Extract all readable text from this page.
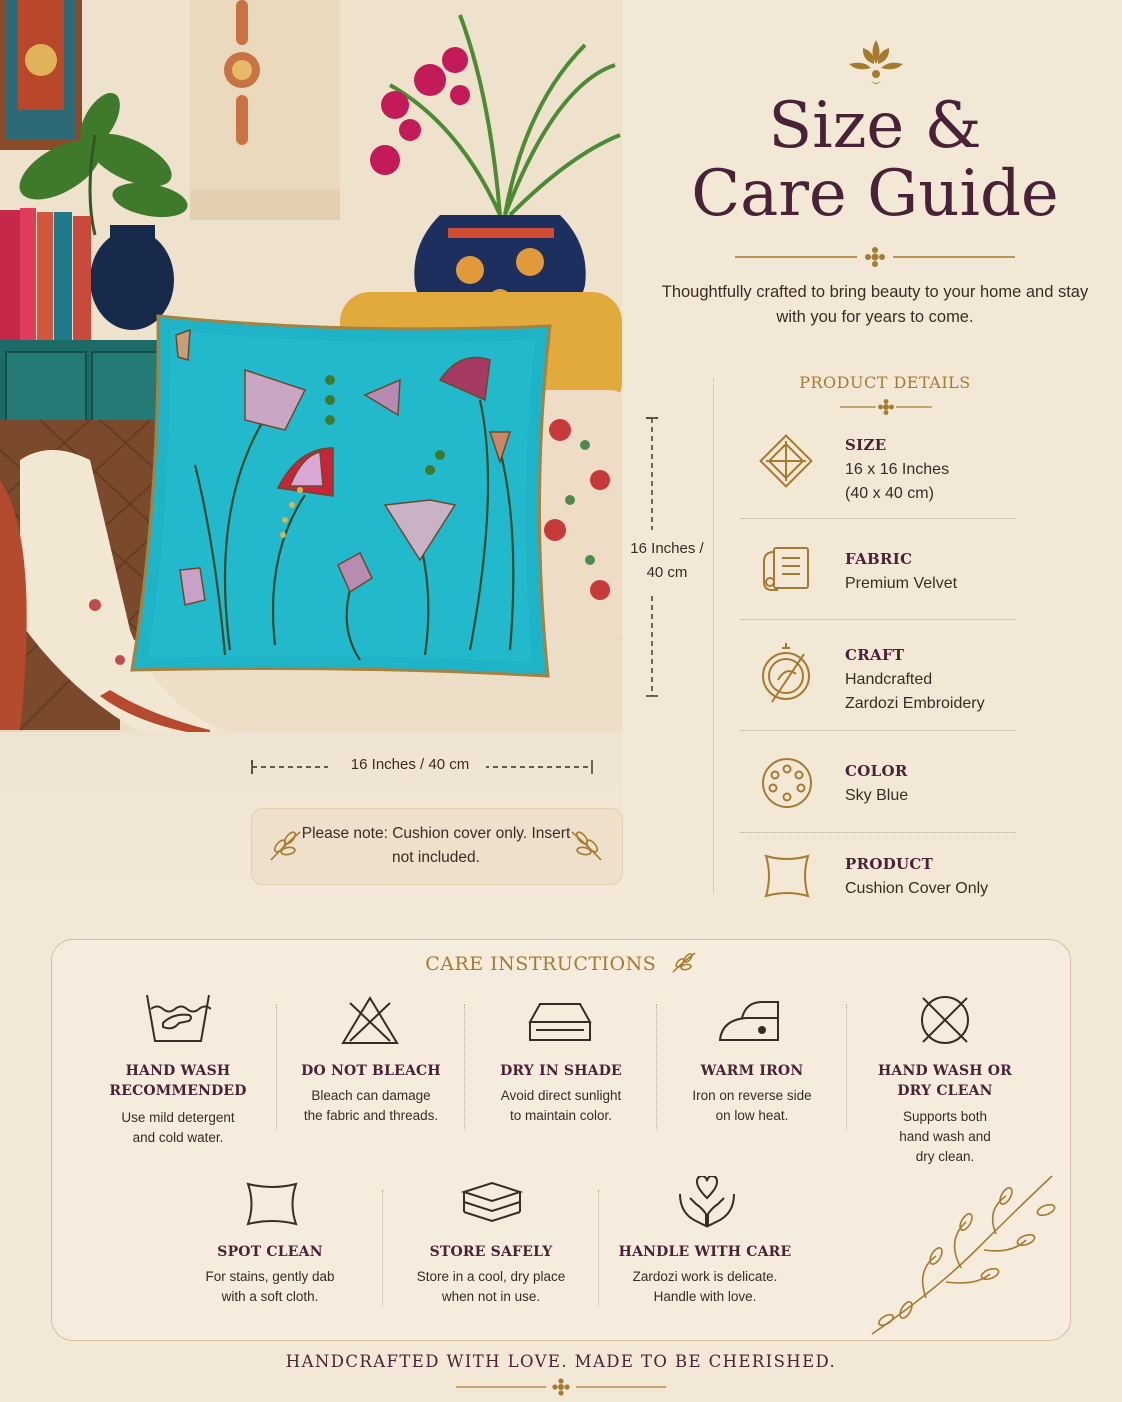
16 Inches / 40 cm
16 Inches / 40 cm
Please note: Cushion cover only. Insert not included.
Size &
Care Guide
Thoughtfully crafted to bring beauty to your home and stay with you for years to come.
PRODUCT DETAILS
SIZE
16 x 16 Inches
(40 x 40 cm)
FABRIC
Premium Velvet
CRAFT
Handcrafted
Zardozi Embroidery
COLOR
Sky Blue
PRODUCT
Cushion Cover Only
CARE INSTRUCTIONS
HAND WASH
RECOMMENDED
Use mild detergent
and cold water.
DO NOT BLEACH
Bleach can damage
the fabric and threads.
DRY IN SHADE
Avoid direct sunlight
to maintain color.
WARM IRON
Iron on reverse side
on low heat.
HAND WASH OR
DRY CLEAN
Supports both
hand wash and
dry clean.
SPOT CLEAN
For stains, gently dab
with a soft cloth.
STORE SAFELY
Store in a cool, dry place
when not in use.
HANDLE WITH CARE
Zardozi work is delicate.
Handle with love.
HANDCRAFTED WITH LOVE. MADE TO BE CHERISHED.
